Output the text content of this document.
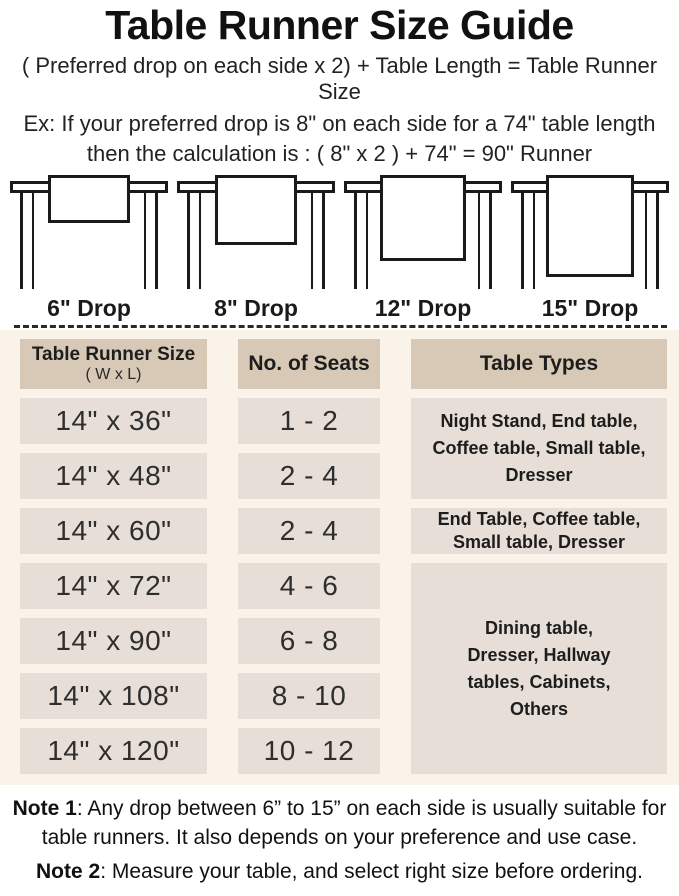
Table Runner Size Guide

( Preferred drop on each side x 2) + Table Length = Table Runner Size

Ex: If your preferred drop is 8" on each side for a 74" table length

then the calculation is : ( 8" x 2 ) + 74" = 90" Runner

6" Drop	8" Drop	12" Drop	15" Drop
Table Runner Size
( W x L)	No. of Seats	Table Types
14" x 36"	1 - 2	Night Stand, End table, Coffee table, Small table, Dresser
14" x 48"	2 - 4
14" x 60"	2 - 4	End Table, Coffee table, Small table, Dresser
14" x 72"	4 - 6
Dining table, Dresser, Hallway tables, Cabinets, Others
14" x 90"	6 - 8
14" x 108"	8 - 10
14" x 120"	10 - 12

Note 1: Any drop between 6” to 15” on each side is usually suitable for table runners. It also depends on your preference and use case.

Note 2: Measure your table, and select right size before ordering.
